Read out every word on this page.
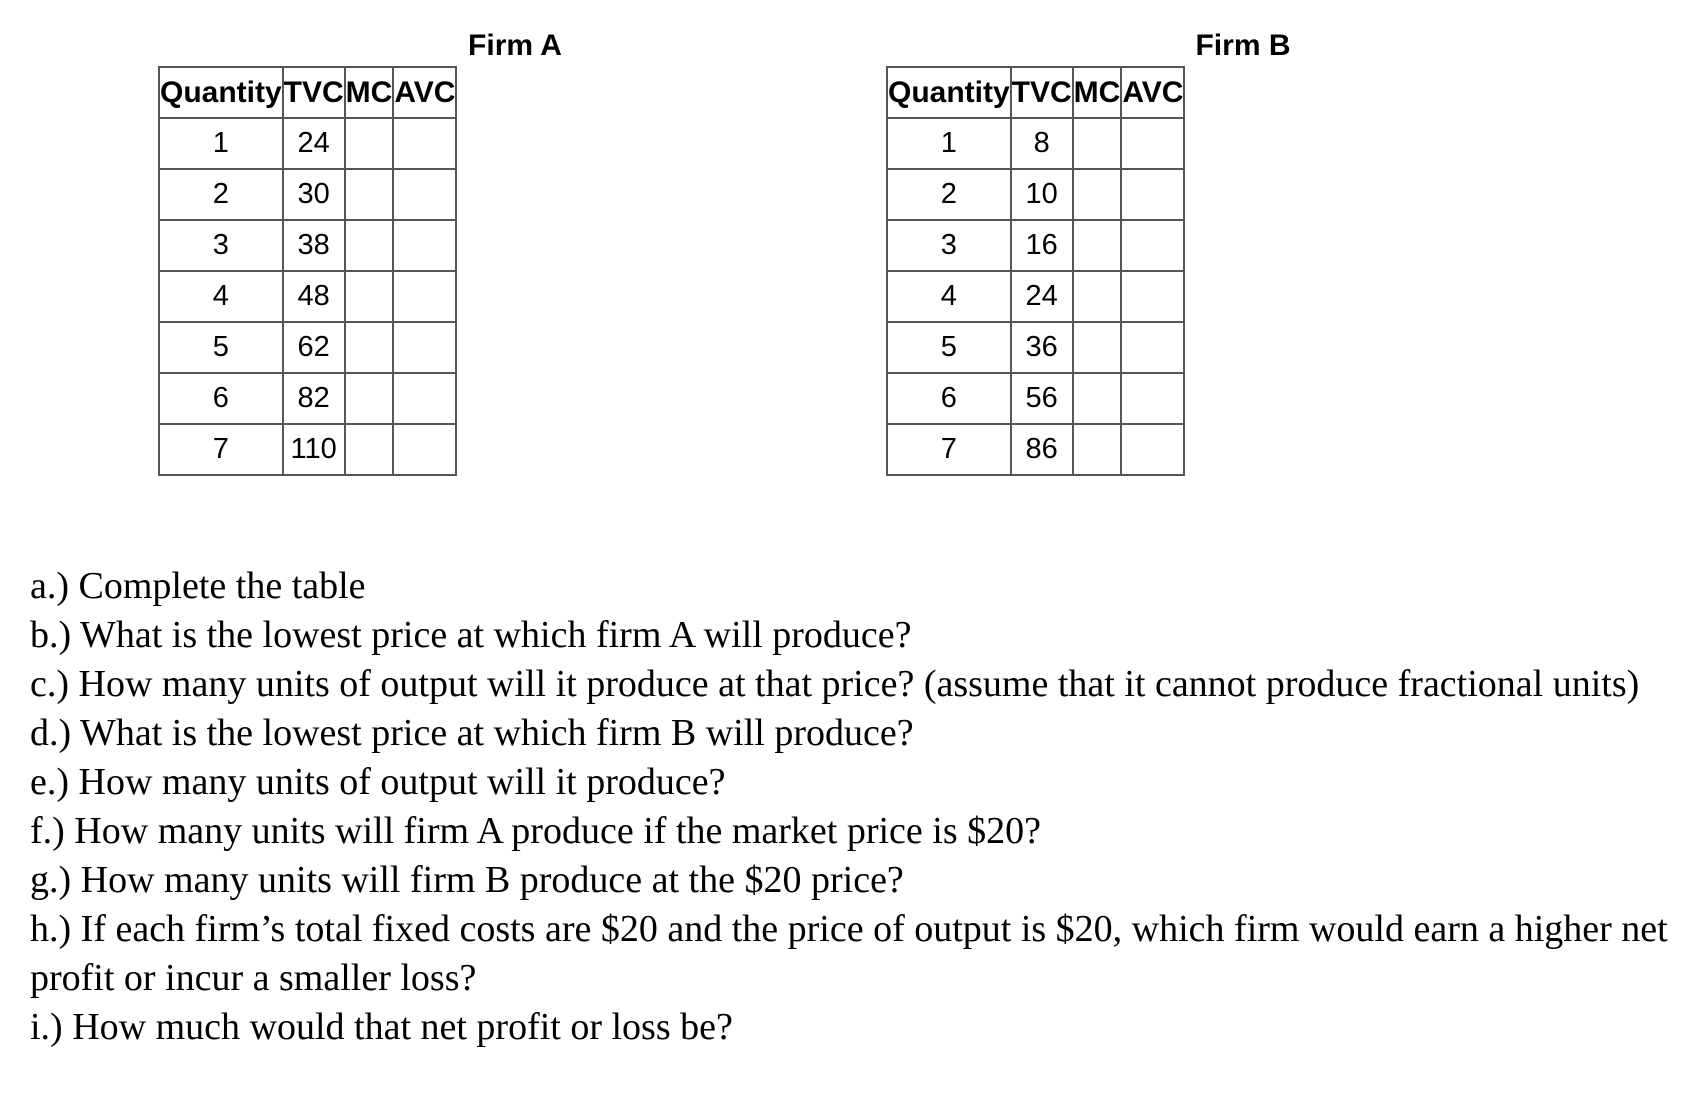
Firm A
Quantity	TVC	MC	AVC
1	24		
2	30		
3	38		
4	48		
5	62		
6	82		
7	110		
Firm B
Quantity	TVC	MC	AVC
1	8		
2	10		
3	16		
4	24		
5	36		
6	56		
7	86		
a.) Complete the table
b.) What is the lowest price at which firm A will produce?
c.) How many units of output will it produce at that price? (assume that it cannot produce fractional units)
d.) What is the lowest price at which firm B will produce?
e.) How many units of output will it produce?
f.) How many units will firm A produce if the market price is $20?
g.) How many units will firm B produce at the $20 price?
h.) If each firm’s total fixed costs are $20 and the price of output is $20, which firm would earn a higher net profit or incur a smaller loss?
i.) How much would that net profit or loss be?
